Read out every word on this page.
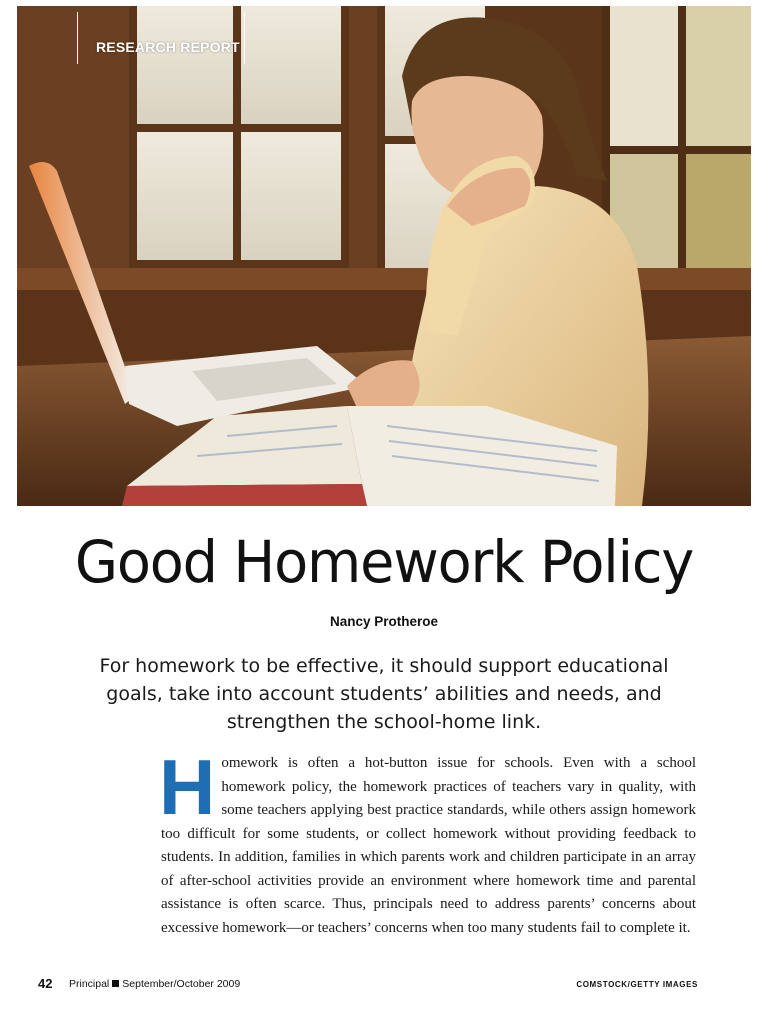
RESEARCH REPORT
Good Homework Policy
Nancy Protheroe

For homework to be effective, it should support educational goals, take into account students’ abilities and needs, and strengthen the school-home link.

Homework is often a hot-button issue for schools. Even with a school homework policy, the homework practices of teachers vary in quality, with some teachers applying best practice standards, while others assign homework too difficult for some students, or collect homework without providing feedback to students. In addition, families in which parents work and children participate in an array of after-school activities provide an environment where homework time and parental assistance is often scarce. Thus, principals need to address parents’ concerns about excessive homework—or teachers’ concerns when too many students fail to complete it.
42 Principal September/October 2009	COMSTOCK/GETTY IMAGES
